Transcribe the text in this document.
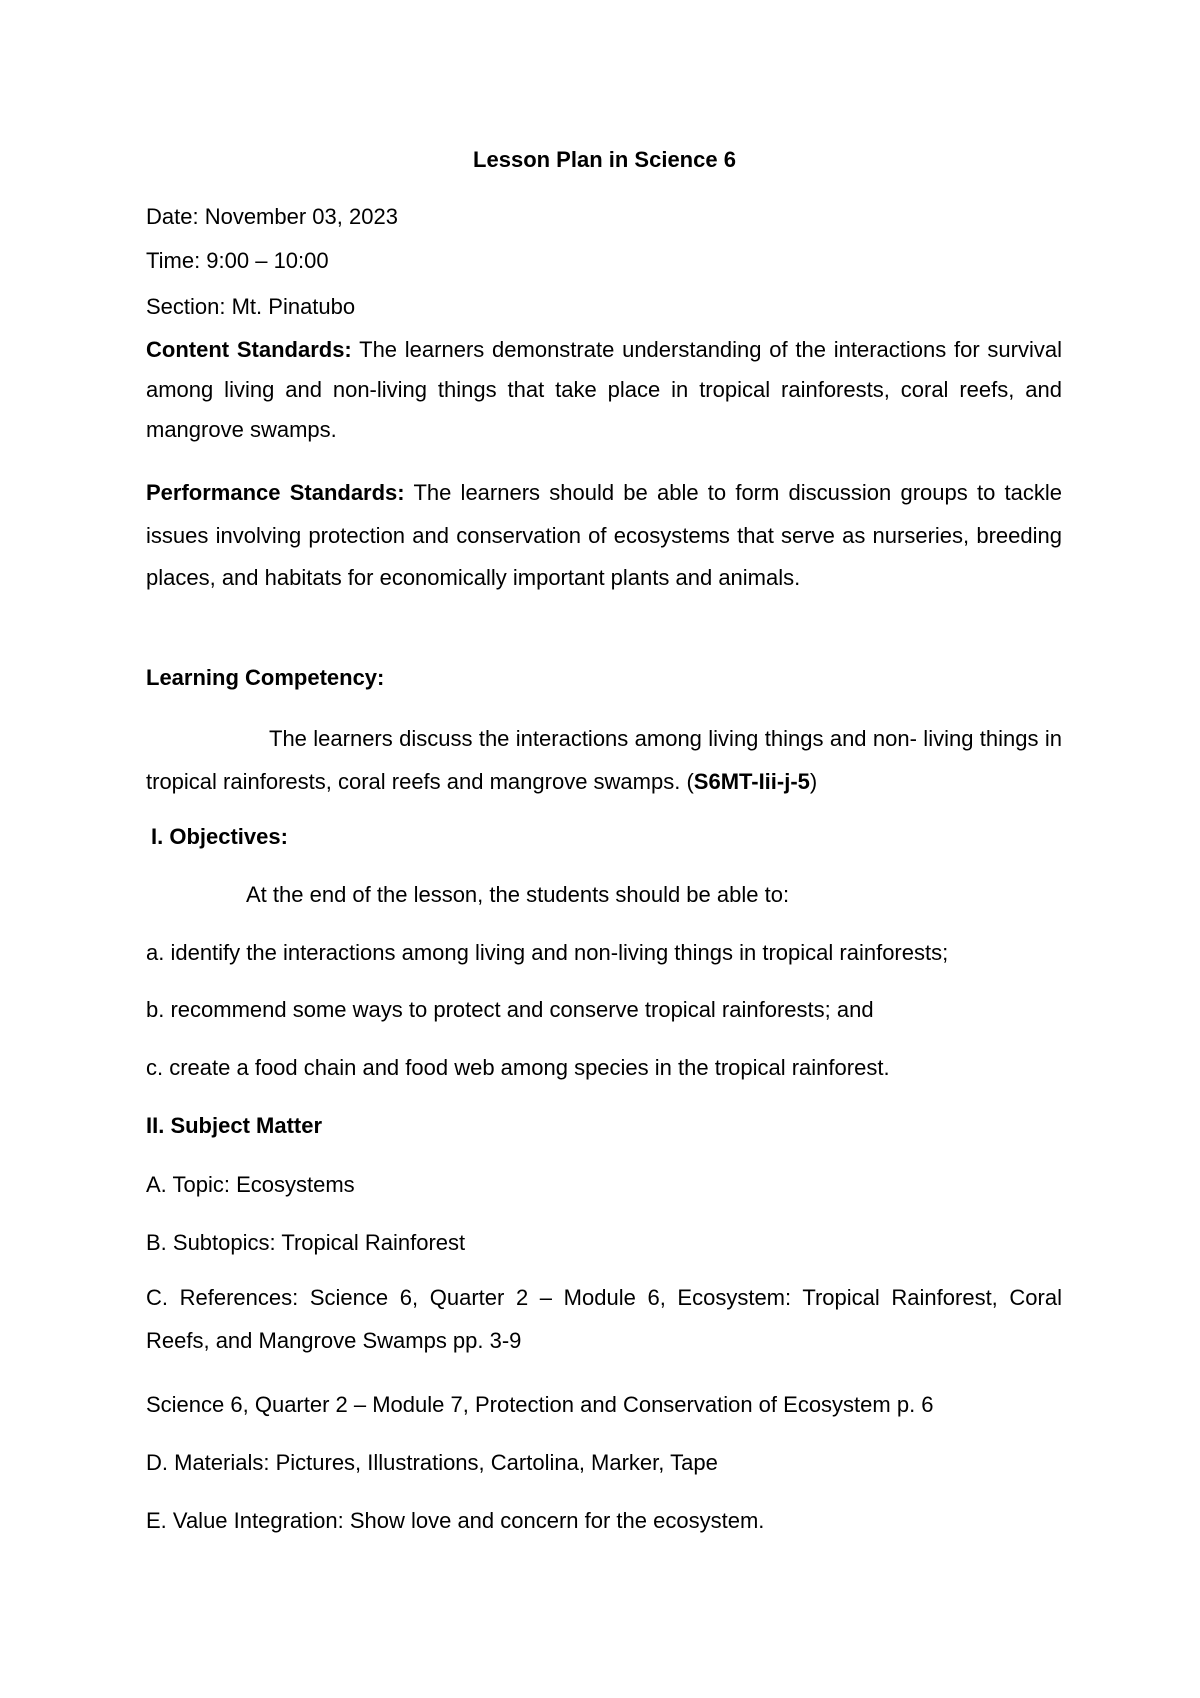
Lesson Plan in Science 6
Date: November 03, 2023
Time: 9:00 – 10:00
Section: Mt. Pinatubo
Content Standards: The learners demonstrate understanding of the interactions for survival among living and non-living things that take place in tropical rainforests, coral reefs, and mangrove swamps.
Performance Standards: The learners should be able to form discussion groups to tackle issues involving protection and conservation of ecosystems that serve as nurseries, breeding places, and habitats for economically important plants and animals.
Learning Competency:
The learners discuss the interactions among living things and non- living things in tropical rainforests, coral reefs and mangrove swamps. (S6MT-Iii-j-5)
I. Objectives:
At the end of the lesson, the students should be able to:
a. identify the interactions among living and non-living things in tropical rainforests;
b. recommend some ways to protect and conserve tropical rainforests; and
c. create a food chain and food web among species in the tropical rainforest.
II. Subject Matter
A. Topic: Ecosystems
B. Subtopics: Tropical Rainforest
C. References: Science 6, Quarter 2 – Module 6, Ecosystem: Tropical Rainforest, Coral Reefs, and Mangrove Swamps pp. 3-9
Science 6, Quarter 2 – Module 7, Protection and Conservation of Ecosystem p. 6
D. Materials: Pictures, Illustrations, Cartolina, Marker, Tape
E. Value Integration: Show love and concern for the ecosystem.
